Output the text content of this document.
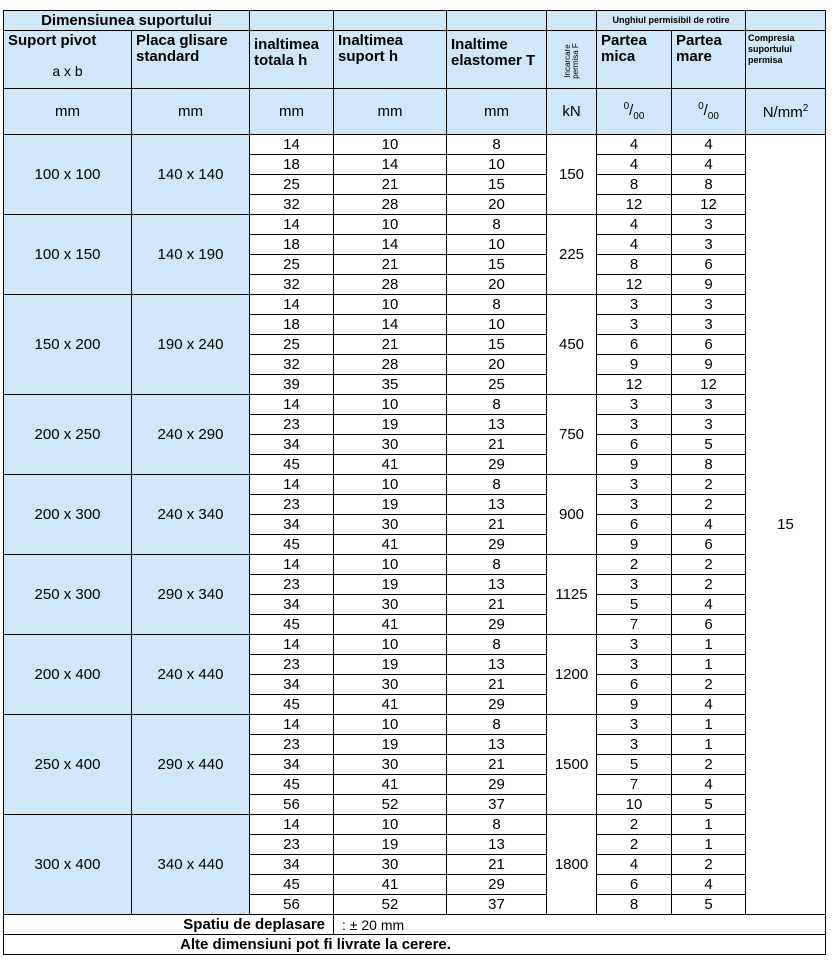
Dimensiunea suportului						Unghiul permisibil de rotire		

Suport pivot
a x b	Placa glisare standard	inaltimea totala h	Inaltimea suport h	Inaltime elastomer T	Incarcare permisa F	Partea mica	Partea mare	Compresia suportului permisa
mm	mm	mm	mm	mm	kN	$^0/_{00}$	$^0/_{00}$	$N/mm^2$
100 x 100	140 x 140	14	10	8	150	4	4	15
		18	14	10		4	4	
		25	21	15		8	8	
		32	28	20		12	12	
100 x 150	140 x 190	14	10	8	225	4	3	
		18	14	10		4	3	
		25	21	15		8	6	
		32	28	20		12	9	
150 x 200	190 x 240	14	10	8	450	3	3	
		18	14	10		3	3	
		25	21	15		6	6	
		32	28	20		9	9	
		39	35	25		12	12	
200 x 250	240 x 290	14	10	8	750	3	3	
		23	19	13		3	3	
		34	30	21		6	5	
		45	41	29		9	8	
200 x 300	240 x 340	14	10	8	900	3	2	
		23	19	13		3	2	
		34	30	21		6	4	
		45	41	29		9	6	
250 x 300	290 x 340	14	10	8	1125	2	2	
		23	19	13		3	2	
		34	30	21		5	4	
		45	41	29		7	6	
200 x 400	240 x 440	14	10	8	1200	3	1	
		23	19	13		3	1	
		34	30	21		6	2	
		45	41	29		9	4	
250 x 400	290 x 440	14	10	8	1500	3	1	
		23	19	13		3	1	
		34	30	21		5	2	
		45	41	29		7	4	
		56	52	37		10	5	
300 x 400	340 x 440	14	10	8	1800	2	1	
		23	19	13		2	1	
		34	30	21		4	2	
		45	41	29		6	4	
		56	52	37		8	5	
Spatiu de deplasare			: ± 20 mm					
Alte dimensiuni pot fi livrate la cerere.								
